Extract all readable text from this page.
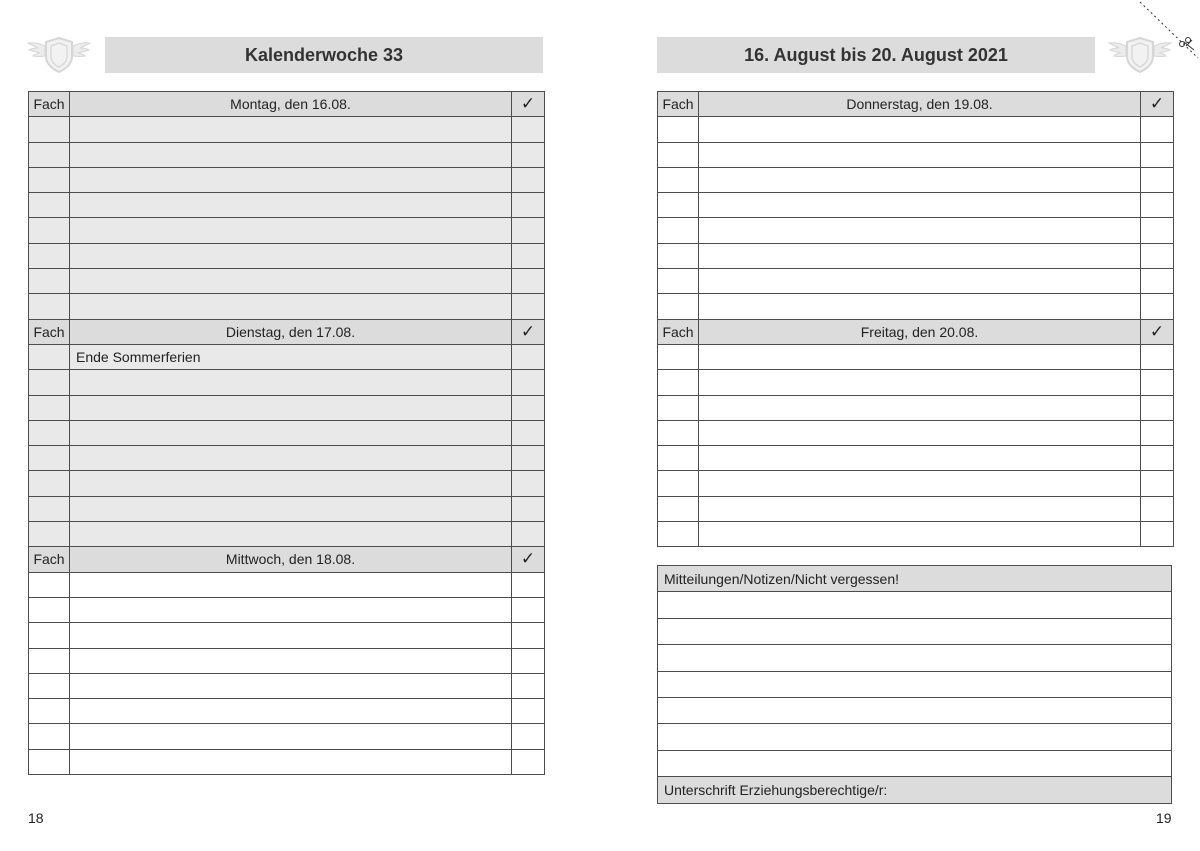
Kalenderwoche 33
Fach	Montag, den 16.08.	✓

Fach	Dienstag, den 17.08.	✓
	Ende Sommerferien	

Fach	Mittwoch, den 18.08.	✓

18
16. August bis 20. August 2021
Fach	Donnerstag, den 19.08.	✓

Fach	Freitag, den 20.08.	✓

Mitteilungen/Notizen/Nicht vergessen!

Unterschrift Erziehungsberechtige/r:
19
